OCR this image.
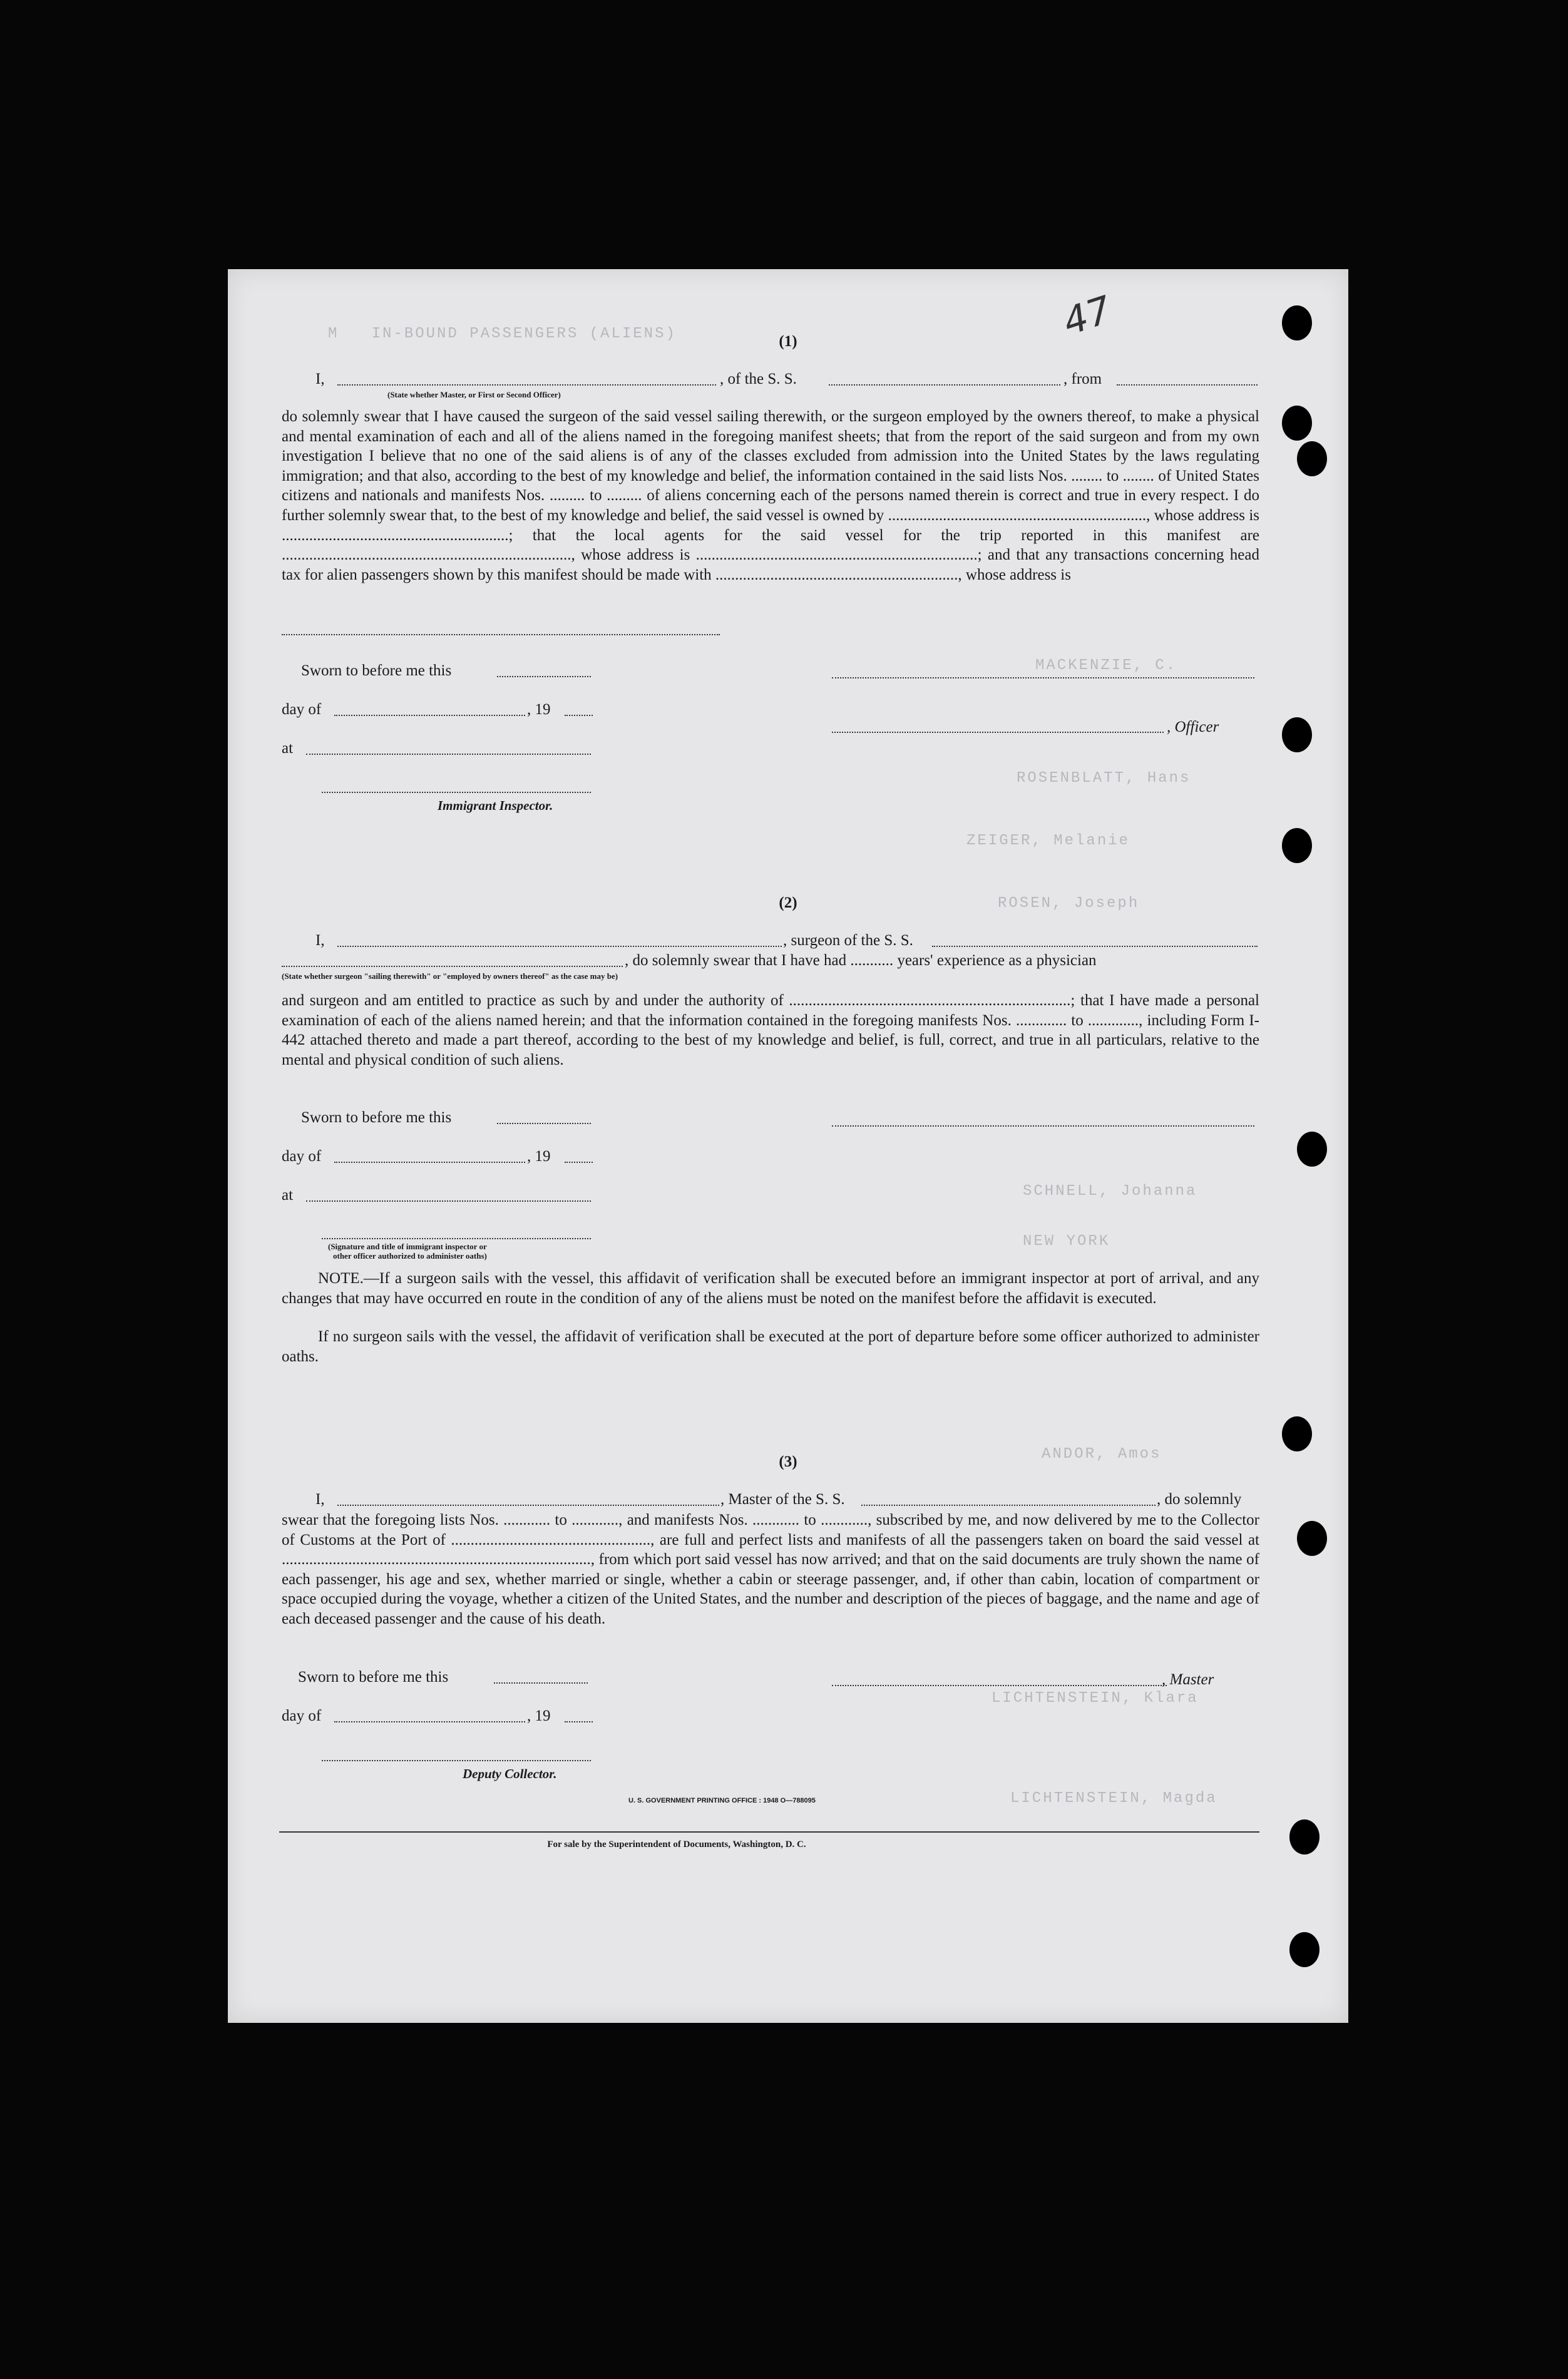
M   IN-BOUND PASSENGERS (ALIENS)
MACKENZIE, C.
ROSENBLATT, Hans
ZEIGER, Melanie
ROSEN, Joseph
SCHNELL, Johanna
NEW YORK
ANDOR, Amos
LICHTENSTEIN, Klara
LICHTENSTEIN, Magda
47
(1)
I,	, of the S. S.	, from
(State whether Master, or First or Second Officer)
do solemnly swear that I have caused the surgeon of the said vessel sailing therewith, or the surgeon employed by the owners thereof, to make a physical and mental examination of each and all of the aliens named in the foregoing manifest sheets; that from the report of the said surgeon and from my own investigation I believe that no one of the said aliens is of any of the classes excluded from admission into the United States by the laws regulating immigration; and that also, according to the best of my knowledge and belief, the information contained in the said lists Nos. ........ to ........ of United States citizens and nationals and manifests Nos. ......... to ......... of aliens concerning each of the persons named therein is correct and true in every respect. I do further solemnly swear that, to the best of my knowledge and belief, the said vessel is owned by .................................................................., whose address is ..........................................................; that the local agents for the said vessel for the trip reported in this manifest are .........................................................................., whose address is ........................................................................; and that any transactions concerning head tax for alien passengers shown by this manifest should be made with .............................................................., whose address is
Sworn to before me this
day of	, 19
at
, Officer
Immigrant Inspector.
(2)
I,	, surgeon of the S. S.
, do solemnly swear that I have had ........... years' experience as a physician
(State whether surgeon "sailing therewith" or "employed by owners thereof" as the case may be)
and surgeon and am entitled to practice as such by and under the authority of ........................................................................; that I have made a personal examination of each of the aliens named herein; and that the information contained in the foregoing manifests Nos. ............. to ............., including Form I-442 attached thereto and made a part thereof, according to the best of my knowledge and belief, is full, correct, and true in all particulars, relative to the mental and physical condition of such aliens.
Sworn to before me this
day of	, 19
at
(Signature and title of immigrant inspector or
other officer authorized to administer oaths)
NOTE.—If a surgeon sails with the vessel, this affidavit of verification shall be executed before an immigrant inspector at port of arrival, and any changes that may have occurred en route in the condition of any of the aliens must be noted on the manifest before the affidavit is executed.
If no surgeon sails with the vessel, the affidavit of verification shall be executed at the port of departure before some officer authorized to administer oaths.
(3)
I,	, Master of the S. S.	, do solemnly
swear that the foregoing lists Nos. ............ to ............, and manifests Nos. ............ to ............, subscribed by me, and now delivered by me to the Collector of Customs at the Port of ..................................................., are full and perfect lists and manifests of all the passengers taken on board the said vessel at ..............................................................................., from which port said vessel has now arrived; and that on the said documents are truly shown the name of each passenger, his age and sex, whether married or single, whether a cabin or steerage passenger, and, if other than cabin, location of compartment or space occupied during the voyage, whether a citizen of the United States, and the number and description of the pieces of baggage, and the name and age of each deceased passenger and the cause of his death.
Sworn to before me this
day of	, 19
, Master
Deputy Collector.
U. S. GOVERNMENT PRINTING OFFICE : 1948 O—788095
For sale by the Superintendent of Documents, Washington, D. C.
